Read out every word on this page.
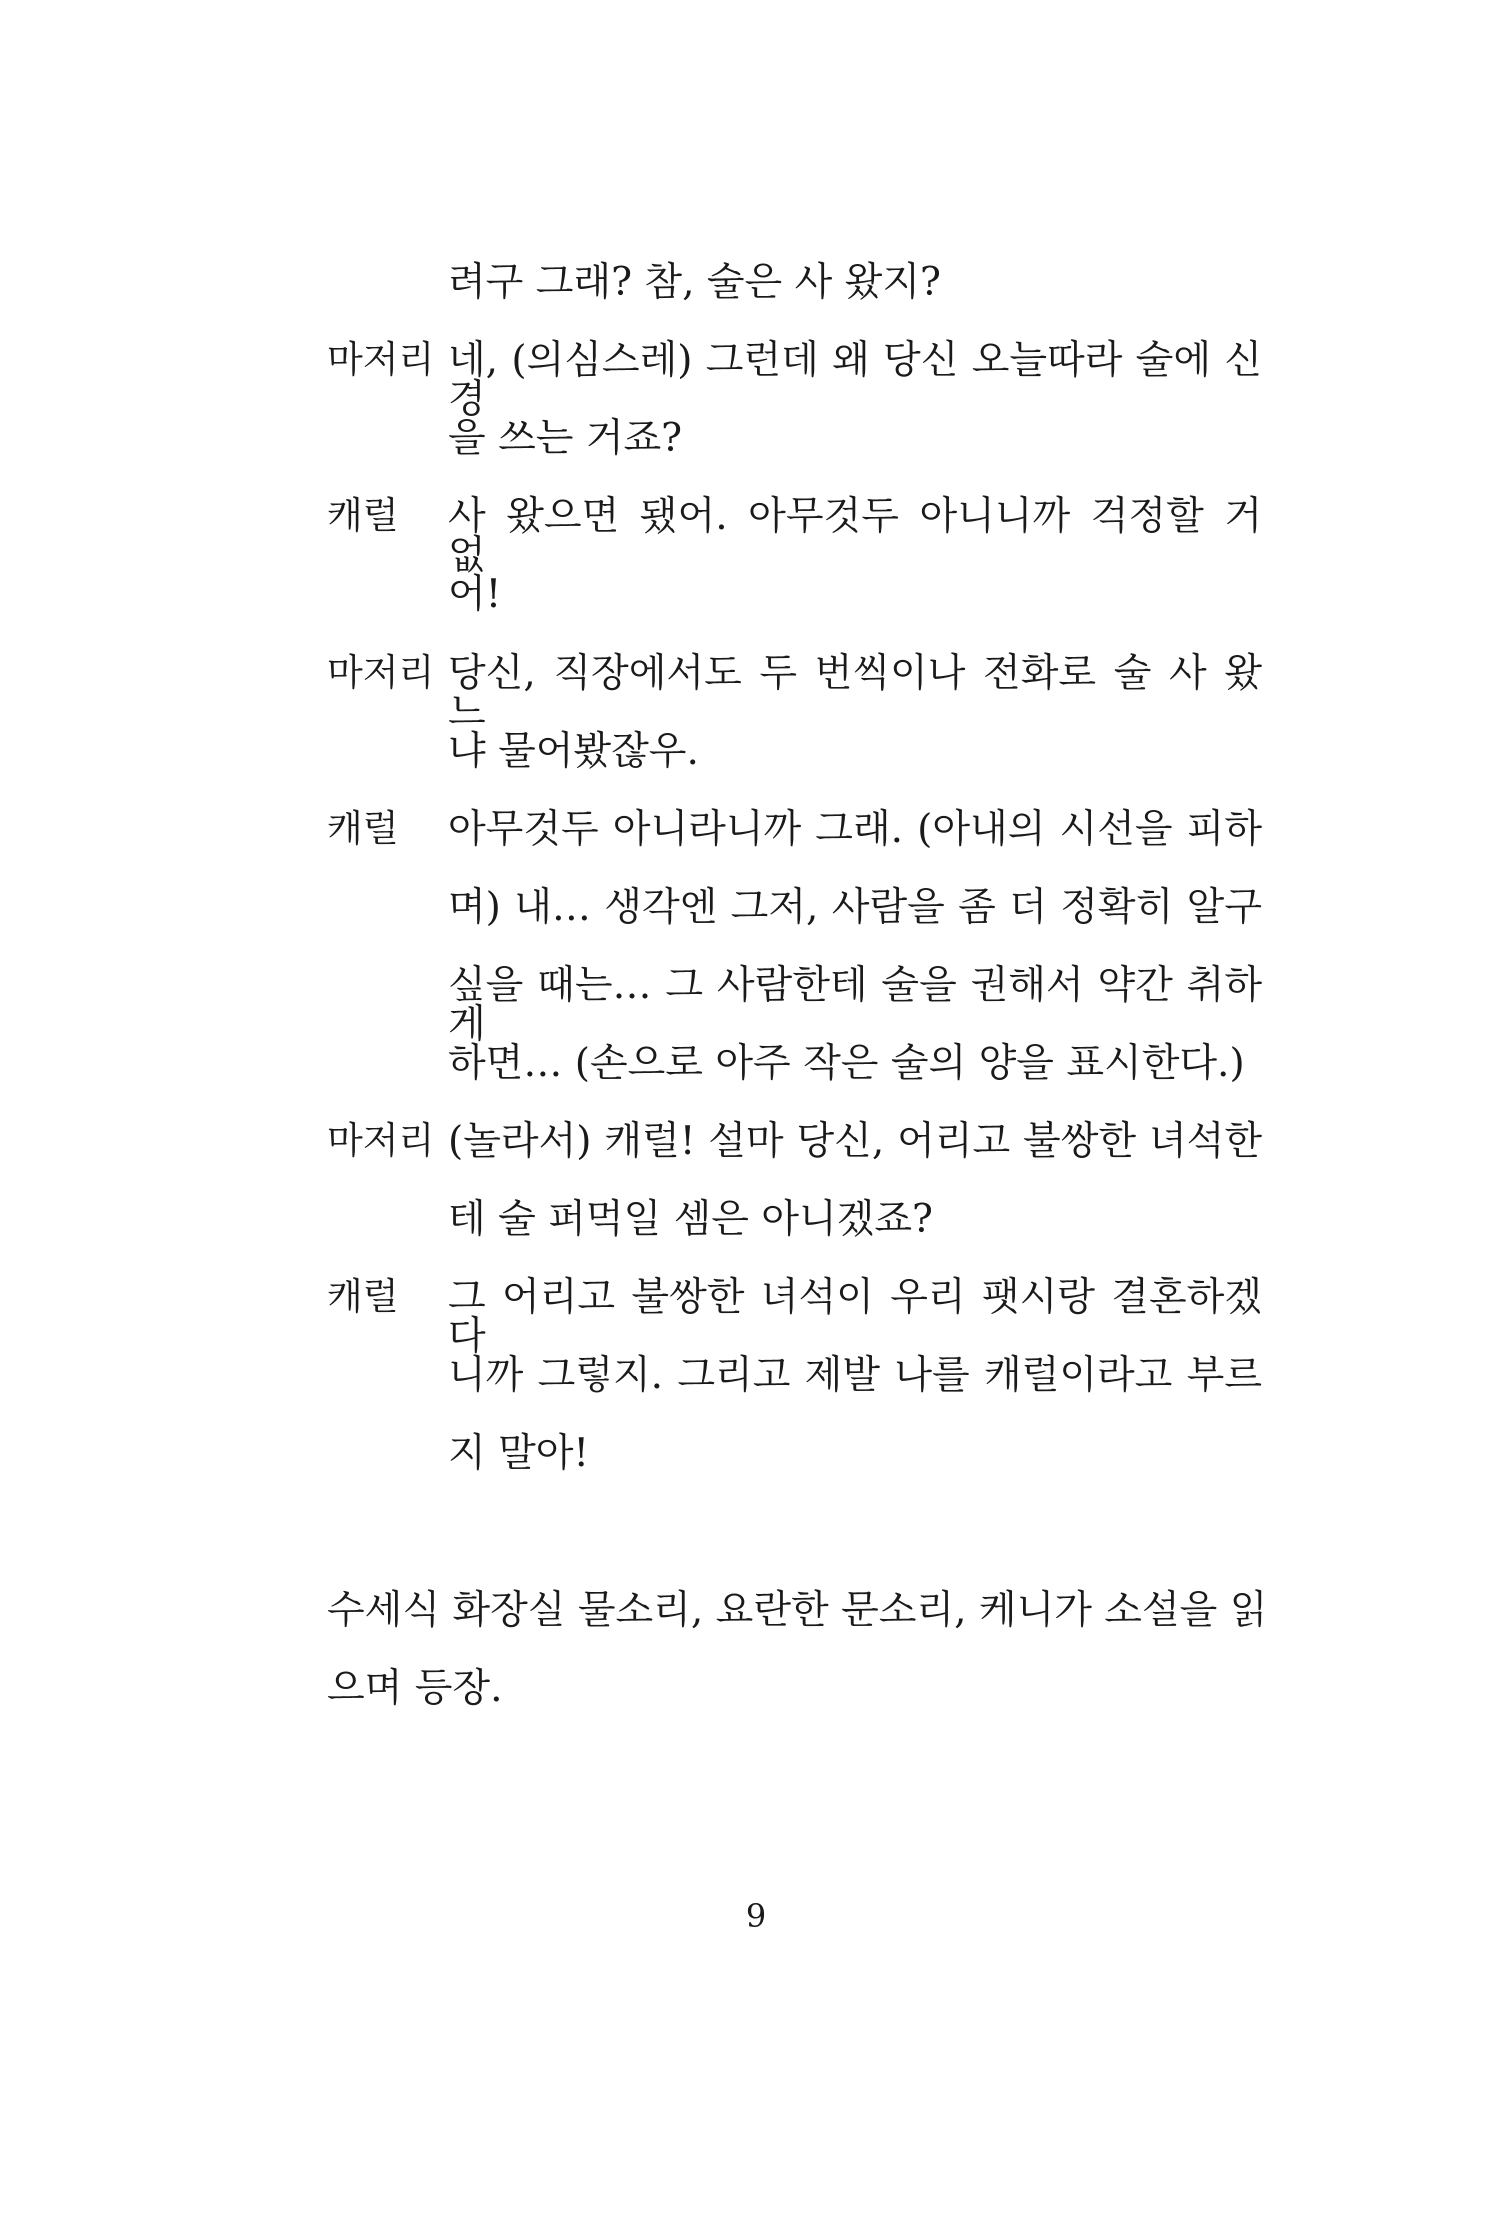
려구 그래? 참, 술은 사 왔지?
마저리 네, (의심스레) 그런데 왜 당신 오늘따라 술에 신경
을 쓰는 거죠?
캐럴 사 왔으면 됐어. 아무것두 아니니까 걱정할 거 없
어!
마저리 당신, 직장에서도 두 번씩이나 전화로 술 사 왔느
냐 물어봤잖우.
캐럴 아무것두 아니라니까 그래. (아내의 시선을 피하
며) 내… 생각엔 그저, 사람을 좀 더 정확히 알구
싶을 때는… 그 사람한테 술을 권해서 약간 취하게
하면… (손으로 아주 작은 술의 양을 표시한다.)
마저리 (놀라서) 캐럴! 설마 당신, 어리고 불쌍한 녀석한
테 술 퍼먹일 셈은 아니겠죠?
캐럴 그 어리고 불쌍한 녀석이 우리 팻시랑 결혼하겠다
니까 그렇지. 그리고 제발 나를 캐럴이라고 부르
지 말아!
수세식 화장실 물소리, 요란한 문소리, 케니가 소설을 읽
으며 등장.
9
